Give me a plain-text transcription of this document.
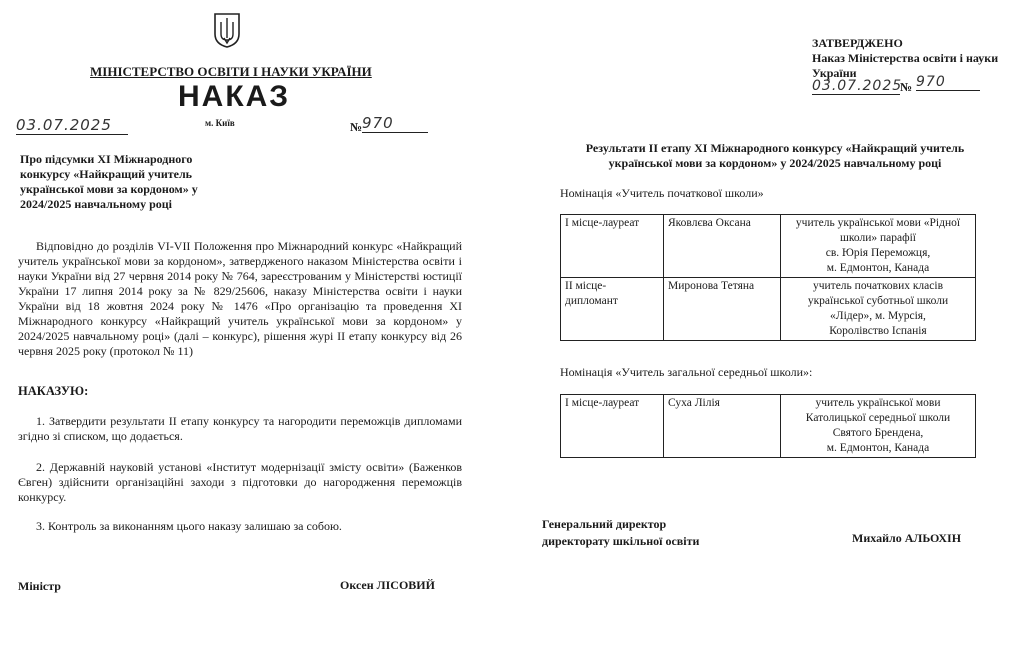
МІНІСТЕРСТВО ОСВІТИ І НАУКИ УКРАЇНИ
НАКАЗ
03.07.2025	м. Київ	№ 970
Про підсумки XI Міжнародного конкурсу «Найкращий учитель української мови за кордоном» у 2024/2025 навчальному році
Відповідно до розділів VI-VII Положення про Міжнародний конкурс «Найкращий учитель української мови за кордоном», затвердженого наказом Міністерства освіти і науки України від 27 червня 2014 року № 764, зареєстрованим у Міністерстві юстиції України 17 липня 2014 року за № 829/25606, наказу Міністерства освіти і науки України від 18 жовтня 2024 року № 1476 «Про організацію та проведення XI Міжнародного конкурсу «Найкращий учитель української мови за кордоном» у 2024/2025 навчальному році» (далі – конкурс), рішення журі II етапу конкурсу від 26 червня 2025 року (протокол № 11)
НАКАЗУЮ:
1. Затвердити результати II етапу конкурсу та нагородити переможців дипломами згідно зі списком, що додається.
2. Державній науковій установі «Інститут модернізації змісту освіти» (Баженков Євген) здійснити організаційні заходи з підготовки до нагородження переможців конкурсу.
3. Контроль за виконанням цього наказу залишаю за собою.
Міністр	Оксен ЛІСОВИЙ
ЗАТВЕРДЖЕНО
Наказ Міністерства освіти і науки України
03.07.2025
№ 970
Результати II етапу XI Міжнародного конкурсу «Найкращий учитель української мови за кордоном» у 2024/2025 навчальному році
Номінація «Учитель початкової школи»
I місце-лауреат	Яковлєва Оксана	учитель української мови «Рідної
школи» парафії
св. Юрія Переможця,
м. Едмонтон, Канада

II місце-дипломант	Миронова Тетяна	учитель початкових класів
української суботньої школи
«Лідер», м. Мурсія,
Королівство Іспанія
Номінація «Учитель загальної середньої школи»:
I місце-лауреат	Суха Лілія	учитель української мови
Католицької середньої школи
Святого Брендена,
м. Едмонтон, Канада
Генеральний директор
директорату шкільної освіти	Михайло АЛЬОХІН
